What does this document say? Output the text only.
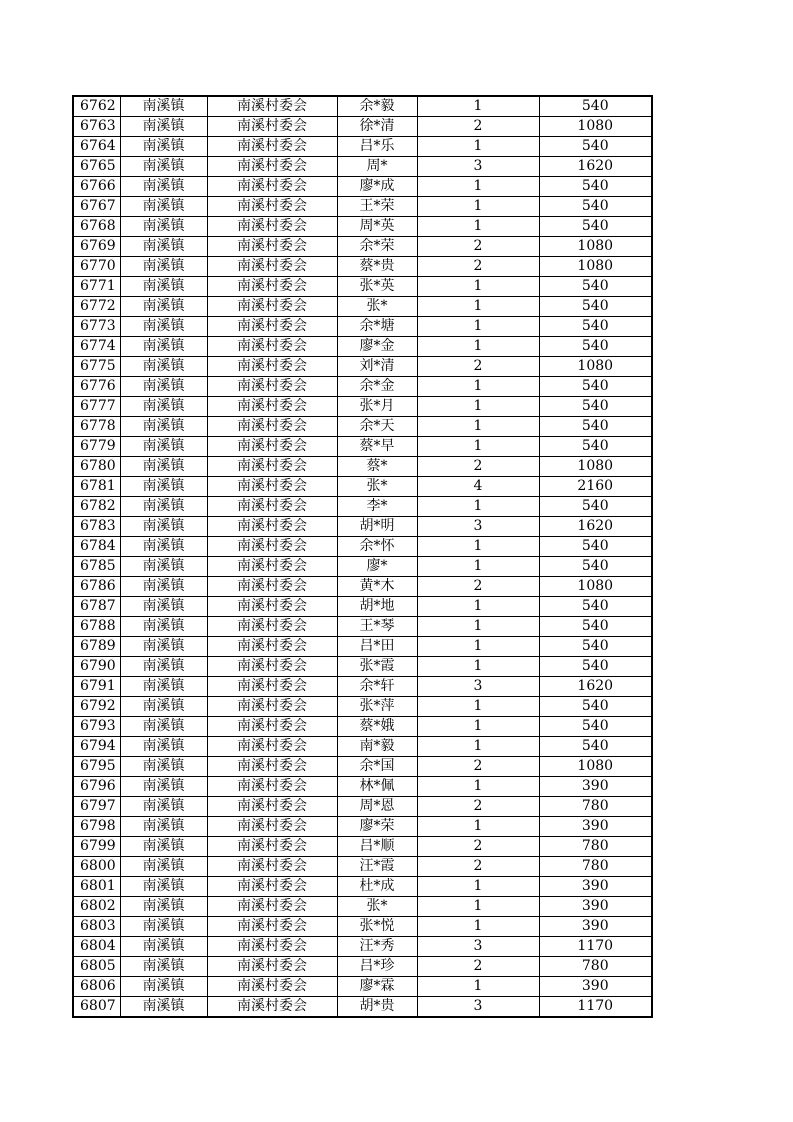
6762	南溪镇	南溪村委会	余*毅	1	540
6763	南溪镇	南溪村委会	徐*清	2	1080
6764	南溪镇	南溪村委会	吕*乐	1	540
6765	南溪镇	南溪村委会	周*	3	1620
6766	南溪镇	南溪村委会	廖*成	1	540
6767	南溪镇	南溪村委会	王*荣	1	540
6768	南溪镇	南溪村委会	周*英	1	540
6769	南溪镇	南溪村委会	余*荣	2	1080
6770	南溪镇	南溪村委会	蔡*贵	2	1080
6771	南溪镇	南溪村委会	张*英	1	540
6772	南溪镇	南溪村委会	张*	1	540
6773	南溪镇	南溪村委会	余*塘	1	540
6774	南溪镇	南溪村委会	廖*金	1	540
6775	南溪镇	南溪村委会	刘*清	2	1080
6776	南溪镇	南溪村委会	余*金	1	540
6777	南溪镇	南溪村委会	张*月	1	540
6778	南溪镇	南溪村委会	余*天	1	540
6779	南溪镇	南溪村委会	蔡*早	1	540
6780	南溪镇	南溪村委会	蔡*	2	1080
6781	南溪镇	南溪村委会	张*	4	2160
6782	南溪镇	南溪村委会	李*	1	540
6783	南溪镇	南溪村委会	胡*明	3	1620
6784	南溪镇	南溪村委会	余*怀	1	540
6785	南溪镇	南溪村委会	廖*	1	540
6786	南溪镇	南溪村委会	黄*木	2	1080
6787	南溪镇	南溪村委会	胡*地	1	540
6788	南溪镇	南溪村委会	王*琴	1	540
6789	南溪镇	南溪村委会	吕*田	1	540
6790	南溪镇	南溪村委会	张*霞	1	540
6791	南溪镇	南溪村委会	余*轩	3	1620
6792	南溪镇	南溪村委会	张*萍	1	540
6793	南溪镇	南溪村委会	蔡*娥	1	540
6794	南溪镇	南溪村委会	南*毅	1	540
6795	南溪镇	南溪村委会	余*国	2	1080
6796	南溪镇	南溪村委会	林*佩	1	390
6797	南溪镇	南溪村委会	周*恩	2	780
6798	南溪镇	南溪村委会	廖*荣	1	390
6799	南溪镇	南溪村委会	吕*顺	2	780
6800	南溪镇	南溪村委会	汪*霞	2	780
6801	南溪镇	南溪村委会	杜*成	1	390
6802	南溪镇	南溪村委会	张*	1	390
6803	南溪镇	南溪村委会	张*悦	1	390
6804	南溪镇	南溪村委会	汪*秀	3	1170
6805	南溪镇	南溪村委会	吕*珍	2	780
6806	南溪镇	南溪村委会	廖*霖	1	390
6807	南溪镇	南溪村委会	胡*贵	3	1170
